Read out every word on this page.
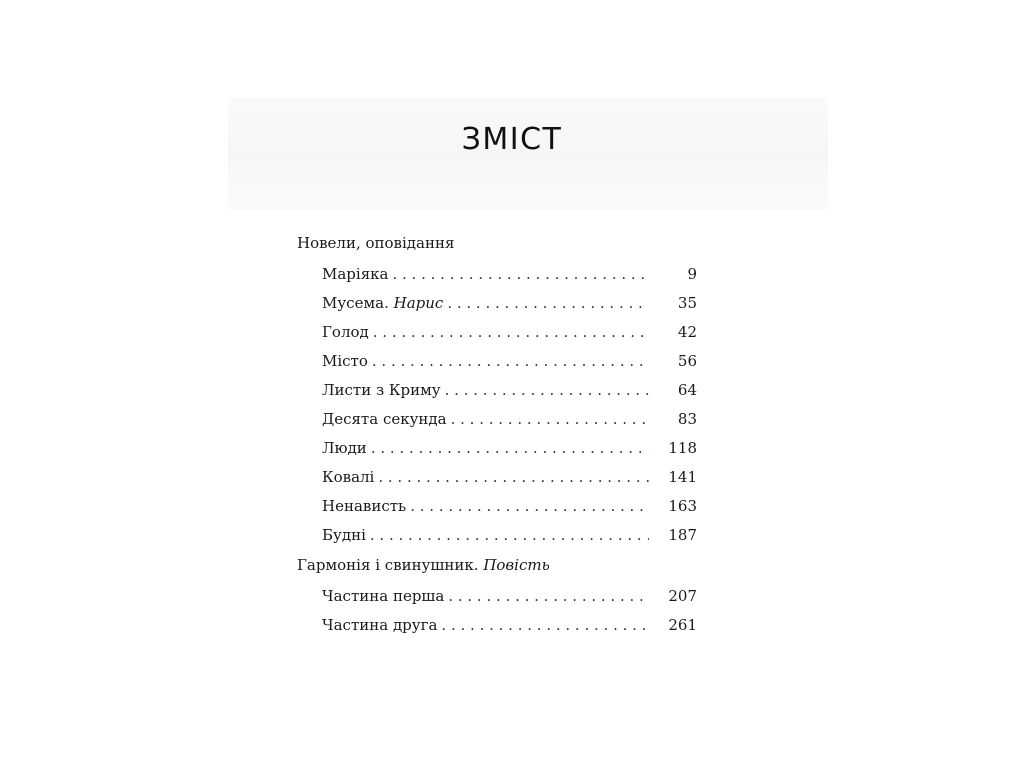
ЗМІСТ
Новели, оповідання
Маріяка . . .	9
Мусема. Нарис . . .	35
Голод . . .	42
Місто . . .	56
Листи з Криму . . .	64
Десята секунда . . .	83
Люди . . .	118
Ковалі . . .	141
Ненависть . . .	163
Будні . . .	187
Гармонія і свинушник. Повість
Частина перша . . .	207
Частина друга . . .	261
